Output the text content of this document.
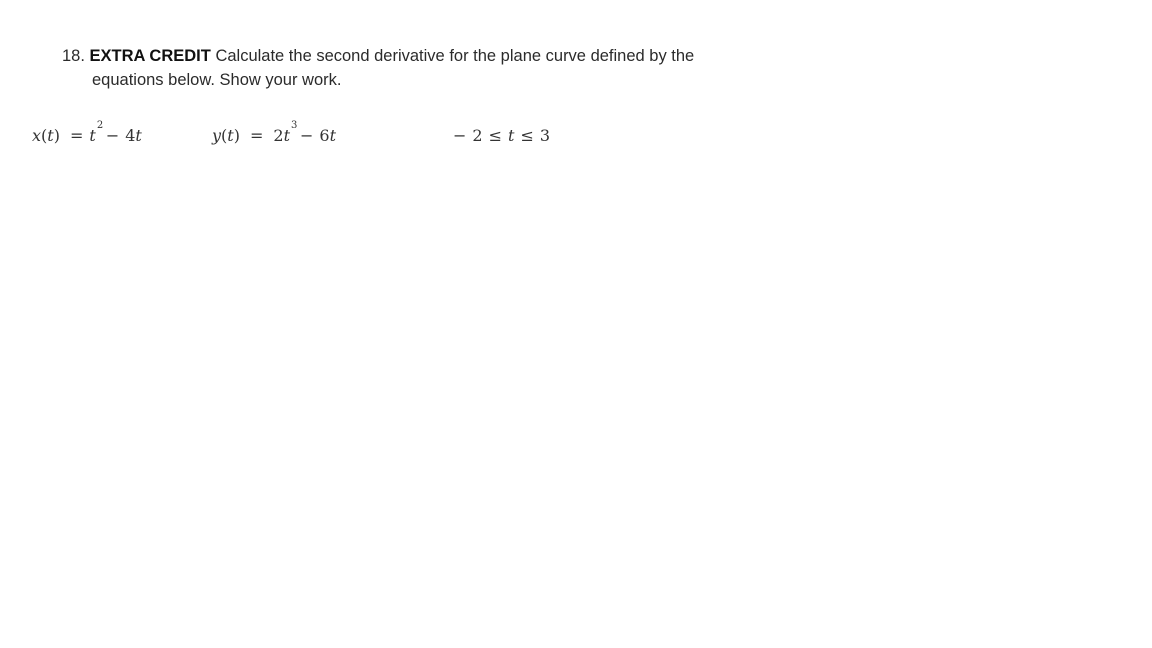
18. EXTRA CREDIT Calculate the second derivative for the plane curve defined by the
equations below. Show your work.
x(t) = t2− 4t	y(t) = 2t3− 6t	− 2 ≤ t ≤ 3
